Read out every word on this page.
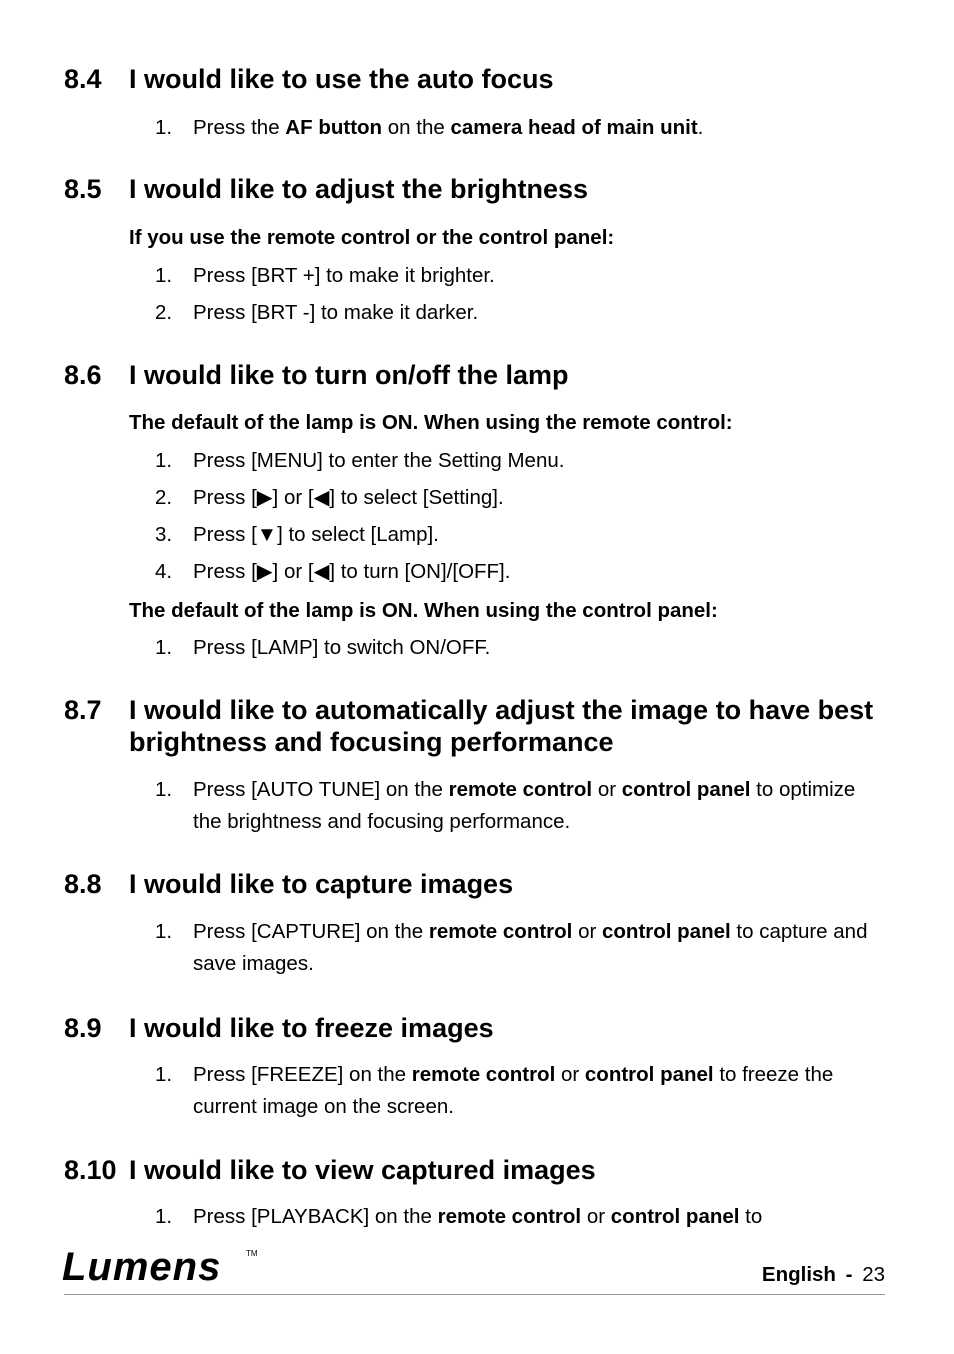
8.4 I would like to use the auto focus
1. Press the AF button on the camera head of main unit.
8.5 I would like to adjust the brightness
If you use the remote control or the control panel:
1. Press [BRT +] to make it brighter.
2. Press [BRT -] to make it darker.
8.6 I would like to turn on/off the lamp
The default of the lamp is ON. When using the remote control:
1. Press [MENU] to enter the Setting Menu.
2. Press [▶] or [◀] to select [Setting].
3. Press [▼] to select [Lamp].
4. Press [▶] or [◀] to turn [ON]/[OFF].
The default of the lamp is ON. When using the control panel:
1. Press [LAMP] to switch ON/OFF.
8.7 I would like to automatically adjust the image to have best brightness and focusing performance
1. Press [AUTO TUNE] on the remote control or control panel to optimize the brightness and focusing performance.
8.8 I would like to capture images
1. Press [CAPTURE] on the remote control or control panel to capture and save images.
8.9 I would like to freeze images
1. Press [FREEZE] on the remote control or control panel to freeze the current image on the screen.
8.10 I would like to view captured images
1. Press [PLAYBACK] on the remote control or control panel to
Lumens	TM
English - 23
